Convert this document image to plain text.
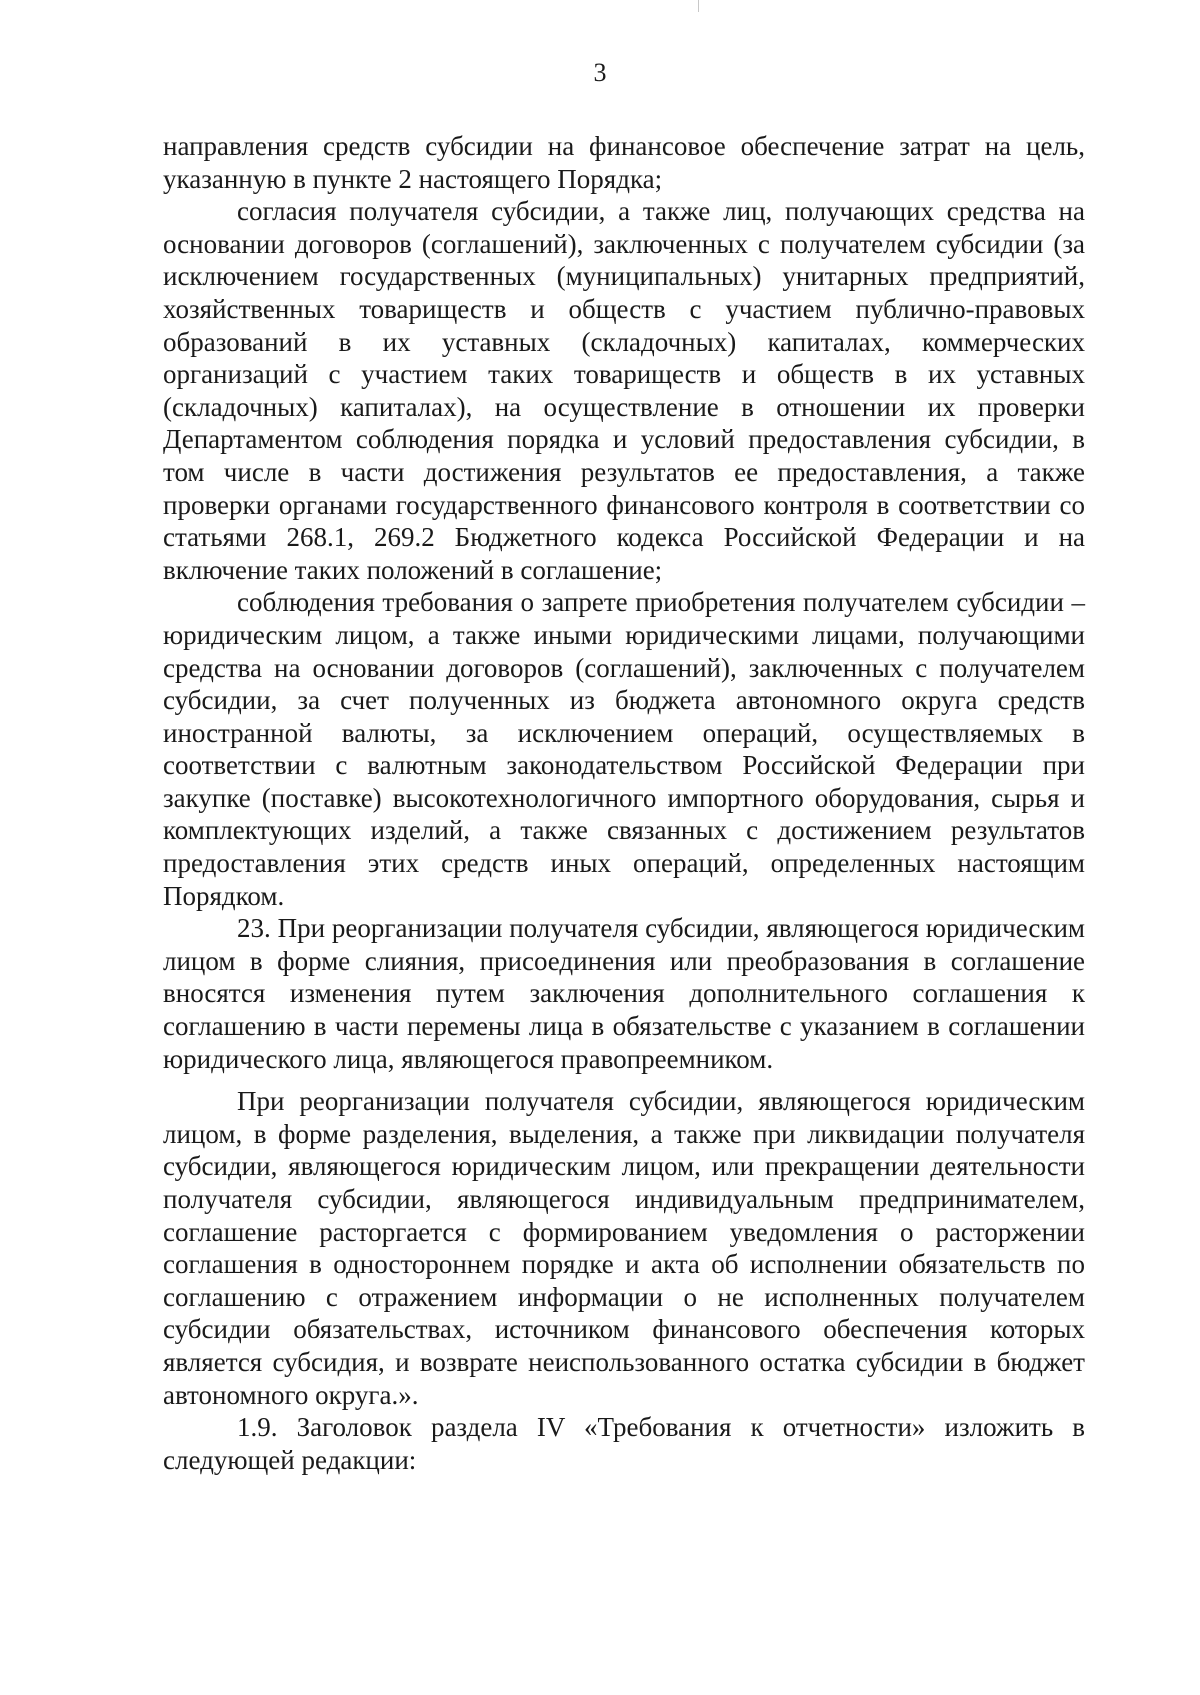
3

направления средств субсидии на финансовое обеспечение затрат на цель, указанную в пункте 2 настоящего Порядка;

согласия получателя субсидии, а также лиц, получающих средства на основании договоров (соглашений), заключенных с получателем субсидии (за исключением государственных (муниципальных) унитарных предприятий, хозяйственных товариществ и обществ с участием публично-правовых образований в их уставных (складочных) капиталах, коммерческих организаций с участием таких товариществ и обществ в их уставных (складочных) капиталах), на осуществление в отношении их проверки Департаментом соблюдения порядка и условий предоставления субсидии, в том числе в части достижения результатов ее предоставления, а также проверки органами государственного финансового контроля в соответствии со статьями 268.1, 269.2 Бюджетного кодекса Российской Федерации и на включение таких положений в соглашение;

соблюдения требования о запрете приобретения получателем субсидии – юридическим лицом, а также иными юридическими лицами, получающими средства на основании договоров (соглашений), заключенных с получателем субсидии, за счет полученных из бюджета автономного округа средств иностранной валюты, за исключением операций, осуществляемых в соответствии с валютным законодательством Российской Федерации при закупке (поставке) высокотехнологичного импортного оборудования, сырья и комплектующих изделий, а также связанных с достижением результатов предоставления этих средств иных операций, определенных настоящим Порядком.

23. При реорганизации получателя субсидии, являющегося юридическим лицом в форме слияния, присоединения или преобразования в соглашение вносятся изменения путем заключения дополнительного соглашения к соглашению в части перемены лица в обязательстве с указанием в соглашении юридического лица, являющегося правопреемником.

При реорганизации получателя субсидии, являющегося юридическим лицом, в форме разделения, выделения, а также при ликвидации получателя субсидии, являющегося юридическим лицом, или прекращении деятельности получателя субсидии, являющегося индивидуальным предпринимателем, соглашение расторгается с формированием уведомления о расторжении соглашения в одностороннем порядке и акта об исполнении обязательств по соглашению с отражением информации о не исполненных получателем субсидии обязательствах, источником финансового обеспечения которых является субсидия, и возврате неиспользованного остатка субсидии в бюджет автономного округа.».

1.9. Заголовок раздела IV «Требования к отчетности» изложить в следующей редакции:
